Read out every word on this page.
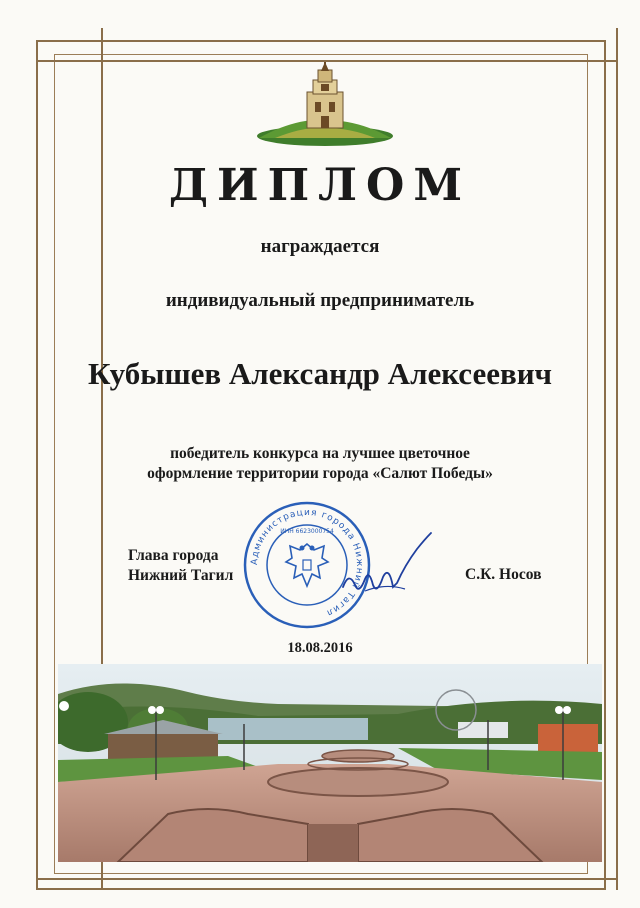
ДИПЛОМ
награждается
индивидуальный предприниматель
Кубышев Александр Алексеевич
победитель конкурса на лучшее цветочное
оформление территории города «Салют Победы»
Администрация города Нижний Тагил
ИНН 6623000754
Глава города
Нижний Тагил	С.К. Носов
18.08.2016
